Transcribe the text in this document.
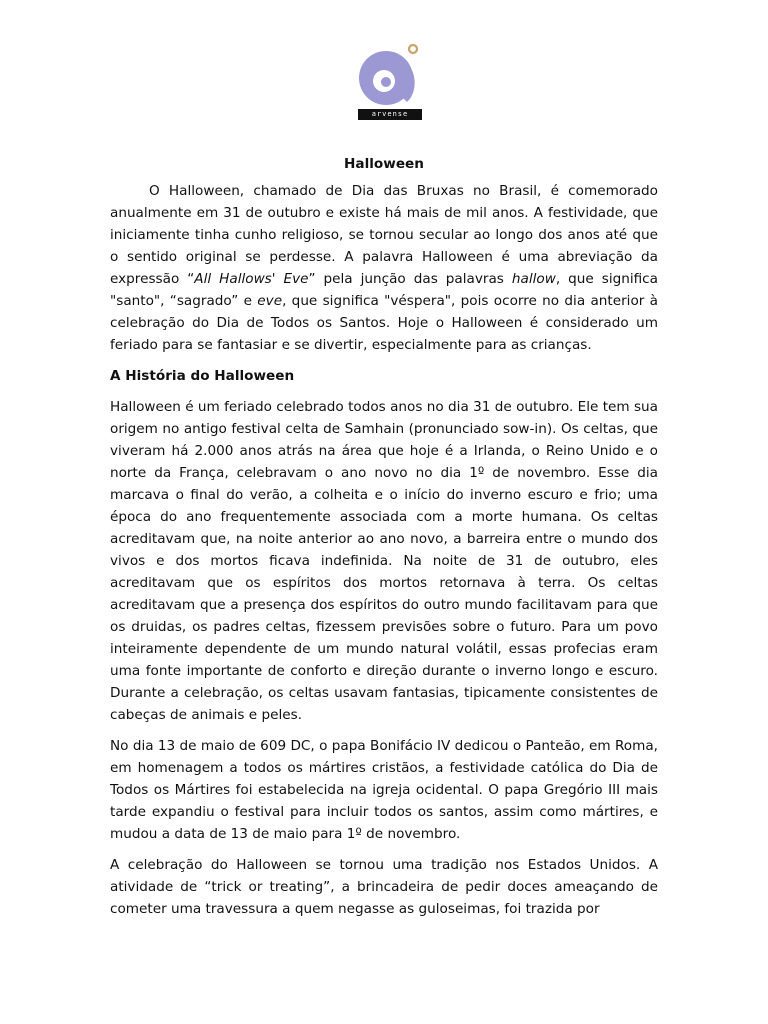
arvense
Halloween

O Halloween, chamado de Dia das Bruxas no Brasil, é comemorado anualmente em 31 de outubro e existe há mais de mil anos. A festividade, que iniciamente tinha cunho religioso, se tornou secular ao longo dos anos até que o sentido original se perdesse. A palavra Halloween é uma abreviação da expressão “All Hallows' Eve” pela junção das palavras hallow, que significa "santo", “sagrado” e eve, que significa "véspera", pois ocorre no dia anterior à celebração do Dia de Todos os Santos. Hoje o Halloween é considerado um feriado para se fantasiar e se divertir, especialmente para as crianças.

A História do Halloween

Halloween é um feriado celebrado todos anos no dia 31 de outubro. Ele tem sua origem no antigo festival celta de Samhain (pronunciado sow-in). Os celtas, que viveram há 2.000 anos atrás na área que hoje é a Irlanda, o Reino Unido e o norte da França, celebravam o ano novo no dia 1º de novembro. Esse dia marcava o final do verão, a colheita e o início do inverno escuro e frio; uma época do ano frequentemente associada com a morte humana. Os celtas acreditavam que, na noite anterior ao ano novo, a barreira entre o mundo dos vivos e dos mortos ficava indefinida. Na noite de 31 de outubro, eles acreditavam que os espíritos dos mortos retornava à terra. Os celtas acreditavam que a presença dos espíritos do outro mundo facilitavam para que os druidas, os padres celtas, fizessem previsões sobre o futuro. Para um povo inteiramente dependente de um mundo natural volátil, essas profecias eram uma fonte importante de conforto e direção durante o inverno longo e escuro. Durante a celebração, os celtas usavam fantasias, tipicamente consistentes de cabeças de animais e peles.

No dia 13 de maio de 609 DC, o papa Bonifácio IV dedicou o Panteão, em Roma, em homenagem a todos os mártires cristãos, a festividade católica do Dia de Todos os Mártires foi estabelecida na igreja ocidental. O papa Gregório III mais tarde expandiu o festival para incluir todos os santos, assim como mártires, e mudou a data de 13 de maio para 1º de novembro.

A celebração do Halloween se tornou uma tradição nos Estados Unidos. A atividade de “trick or treating”, a brincadeira de pedir doces ameaçando de cometer uma travessura a quem negasse as guloseimas, foi trazida por
